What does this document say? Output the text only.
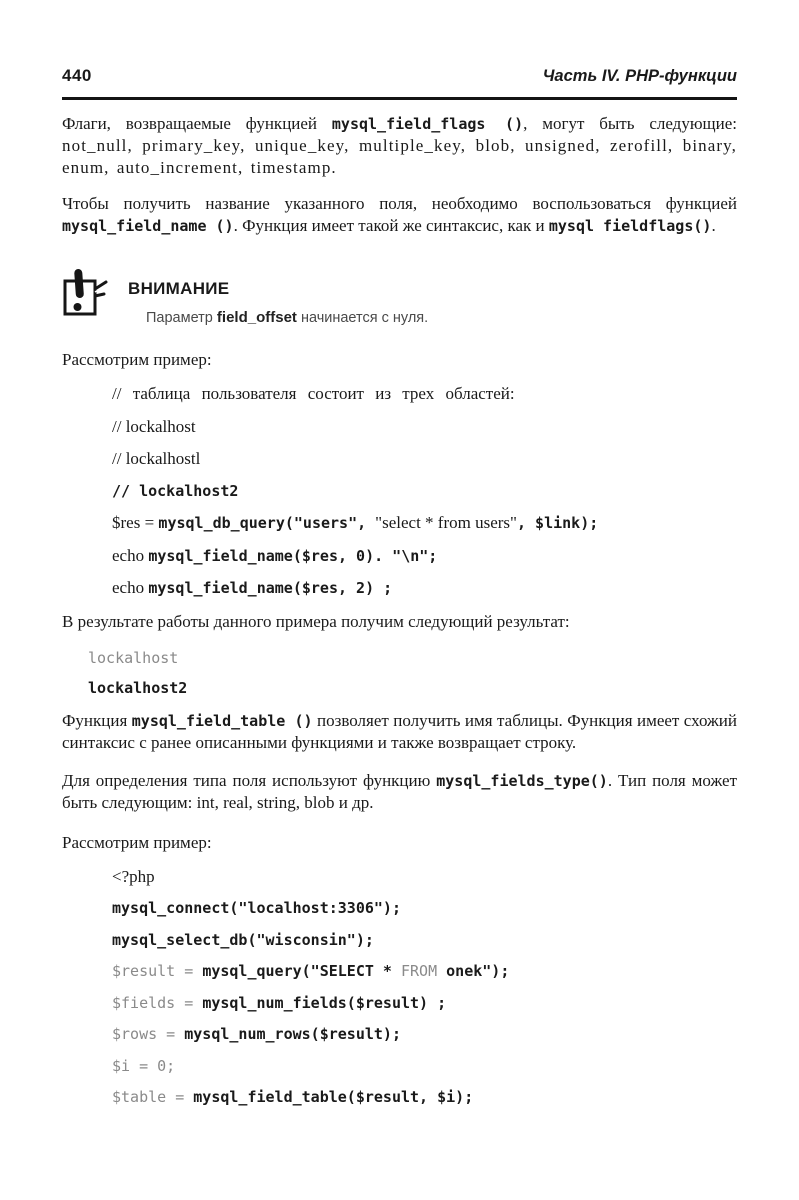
440	Часть IV. PHP-функции

Флаги, возвращаемые функцией mysql_field_flags (), могут быть следующие: not_null, primary_key, unique_key, multiple_key, blob, unsigned, zerofill, binary, enum, auto_increment, timestamp.

Чтобы получить название указанного поля, необходимо воспользоваться функцией mysql_field_name (). Функция имеет такой же синтаксис, как и mysql fieldflags().

ВНИМАНИЕ
Параметр field_offset начинается с нуля.

Рассмотрим пример:

// таблица пользователя состоит из трех областей:
// lockalhost
// lockalhostl
// lockalhost2
$res = mysql_db_query("users", "select * from users", $link);
echo mysql_field_name($res, 0). "\n";
echo mysql_field_name($res, 2) ;

В результате работы данного примера получим следующий результат:

lockalhost
lockalhost2

Функция mysql_field_table () позволяет получить имя таблицы. Функция имеет схожий синтаксис с ранее описанными функциями и также возвращает строку.

Для определения типа поля используют функцию mysql_fields_type(). Тип поля может быть следующим: int, real, string, blob и др.

Рассмотрим пример:

<?php
mysql_connect("localhost:3306");
mysql_select_db("wisconsin");
$result = mysql_query("SELECT * FROM onek");
$fields = mysql_num_fields($result) ;
$rows = mysql_num_rows($result);
$i = 0;
$table = mysql_field_table($result, $i);
